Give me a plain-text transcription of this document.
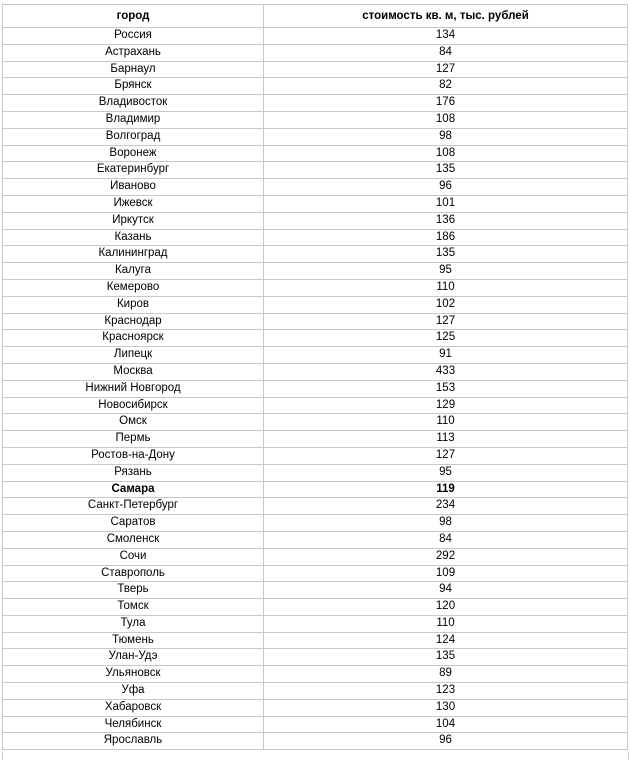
город	стоимость кв. м, тыс. рублей
Россия	134
Астрахань	84
Барнаул	127
Брянск	82
Владивосток	176
Владимир	108
Волгоград	98
Воронеж	108
Екатеринбург	135
Иваново	96
Ижевск	101
Иркутск	136
Казань	186
Калининград	135
Калуга	95
Кемерово	110
Киров	102
Краснодар	127
Красноярск	125
Липецк	91
Москва	433
Нижний Новгород	153
Новосибирск	129
Омск	110
Пермь	113
Ростов-на-Дону	127
Рязань	95
Самара	119
Санкт-Петербург	234
Саратов	98
Смоленск	84
Сочи	292
Ставрополь	109
Тверь	94
Томск	120
Тула	110
Тюмень	124
Улан-Удэ	135
Ульяновск	89
Уфа	123
Хабаровск	130
Челябинск	104
Ярославль	96
